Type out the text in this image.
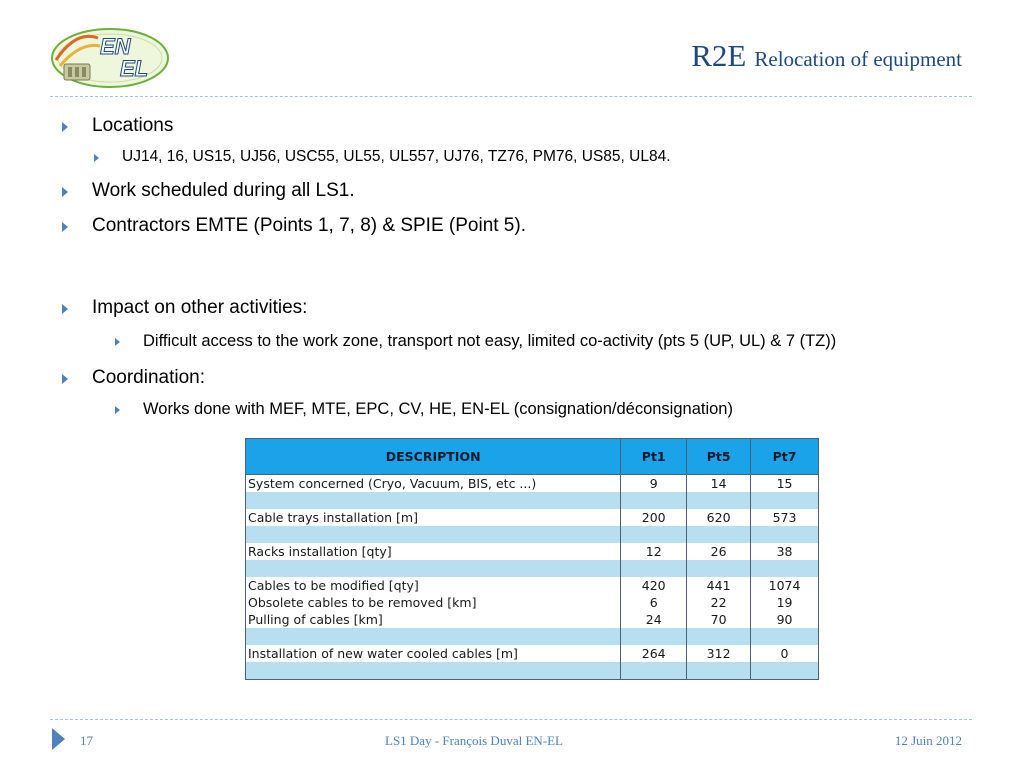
EN
EL	R2E Relocation of equipment
Locations
UJ14, 16, US15, UJ56, USC55, UL55, UL557, UJ76, TZ76, PM76, US85, UL84.
Work scheduled during all LS1.
Contractors EMTE (Points 1, 7, 8) & SPIE (Point 5).
Impact on other activities:
Difficult access to the work zone, transport not easy, limited co-activity (pts 5 (UP, UL) & 7 (TZ))
Coordination:
Works done with MEF, MTE, EPC, CV, HE, EN-EL (consignation/déconsignation)
DESCRIPTION	Pt1	Pt5	Pt7
System concerned (Cryo, Vacuum, BIS, etc ...)	9	14	15

Cable trays installation [m]	200	620	573

Racks installation [qty]	12	26	38

Cables to be modified [qty]	420	441	1074
Obsolete cables to be removed [km]	6	22	19
Pulling of cables [km]	24	70	90

Installation of new water cooled cables [m]	264	312	0

17	LS1 Day - François Duval EN-EL	12 Juin 2012
